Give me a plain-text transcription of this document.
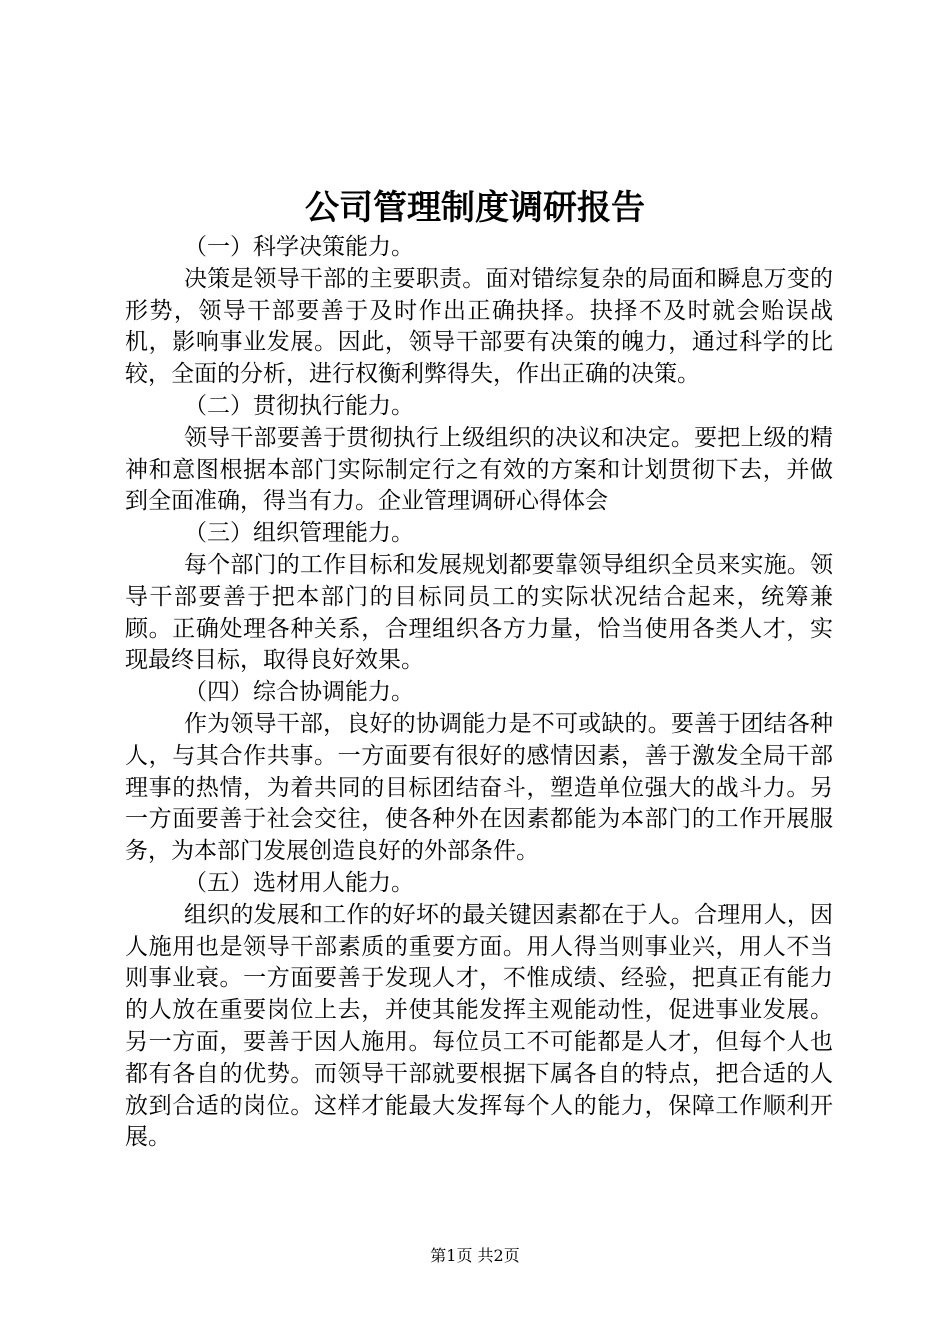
公司管理制度调研报告

（一）科学决策能力。

决策是领导干部的主要职责。面对错综复杂的局面和瞬息万变的形势，领导干部要善于及时作出正确抉择。抉择不及时就会贻误战机，影响事业发展。因此，领导干部要有决策的魄力，通过科学的比较，全面的分析，进行权衡利弊得失，作出正确的决策。

（二）贯彻执行能力。

领导干部要善于贯彻执行上级组织的决议和决定。要把上级的精神和意图根据本部门实际制定行之有效的方案和计划贯彻下去，并做到全面准确，得当有力。企业管理调研心得体会

（三）组织管理能力。

每个部门的工作目标和发展规划都要靠领导组织全员来实施。领导干部要善于把本部门的目标同员工的实际状况结合起来，统筹兼顾。正确处理各种关系，合理组织各方力量，恰当使用各类人才，实现最终目标，取得良好效果。

（四）综合协调能力。

作为领导干部，良好的协调能力是不可或缺的。要善于团结各种人，与其合作共事。一方面要有很好的感情因素，善于激发全局干部理事的热情，为着共同的目标团结奋斗，塑造单位强大的战斗力。另一方面要善于社会交往，使各种外在因素都能为本部门的工作开展服务，为本部门发展创造良好的外部条件。

（五）选材用人能力。

组织的发展和工作的好坏的最关键因素都在于人。合理用人，因人施用也是领导干部素质的重要方面。用人得当则事业兴，用人不当则事业衰。一方面要善于发现人才，不惟成绩、经验，把真正有能力的人放在重要岗位上去，并使其能发挥主观能动性，促进事业发展。另一方面，要善于因人施用。每位员工不可能都是人才，但每个人也都有各自的优势。而领导干部就要根据下属各自的特点，把合适的人放到合适的岗位。这样才能最大发挥每个人的能力，保障工作顺利开展。

第1页 共2页
